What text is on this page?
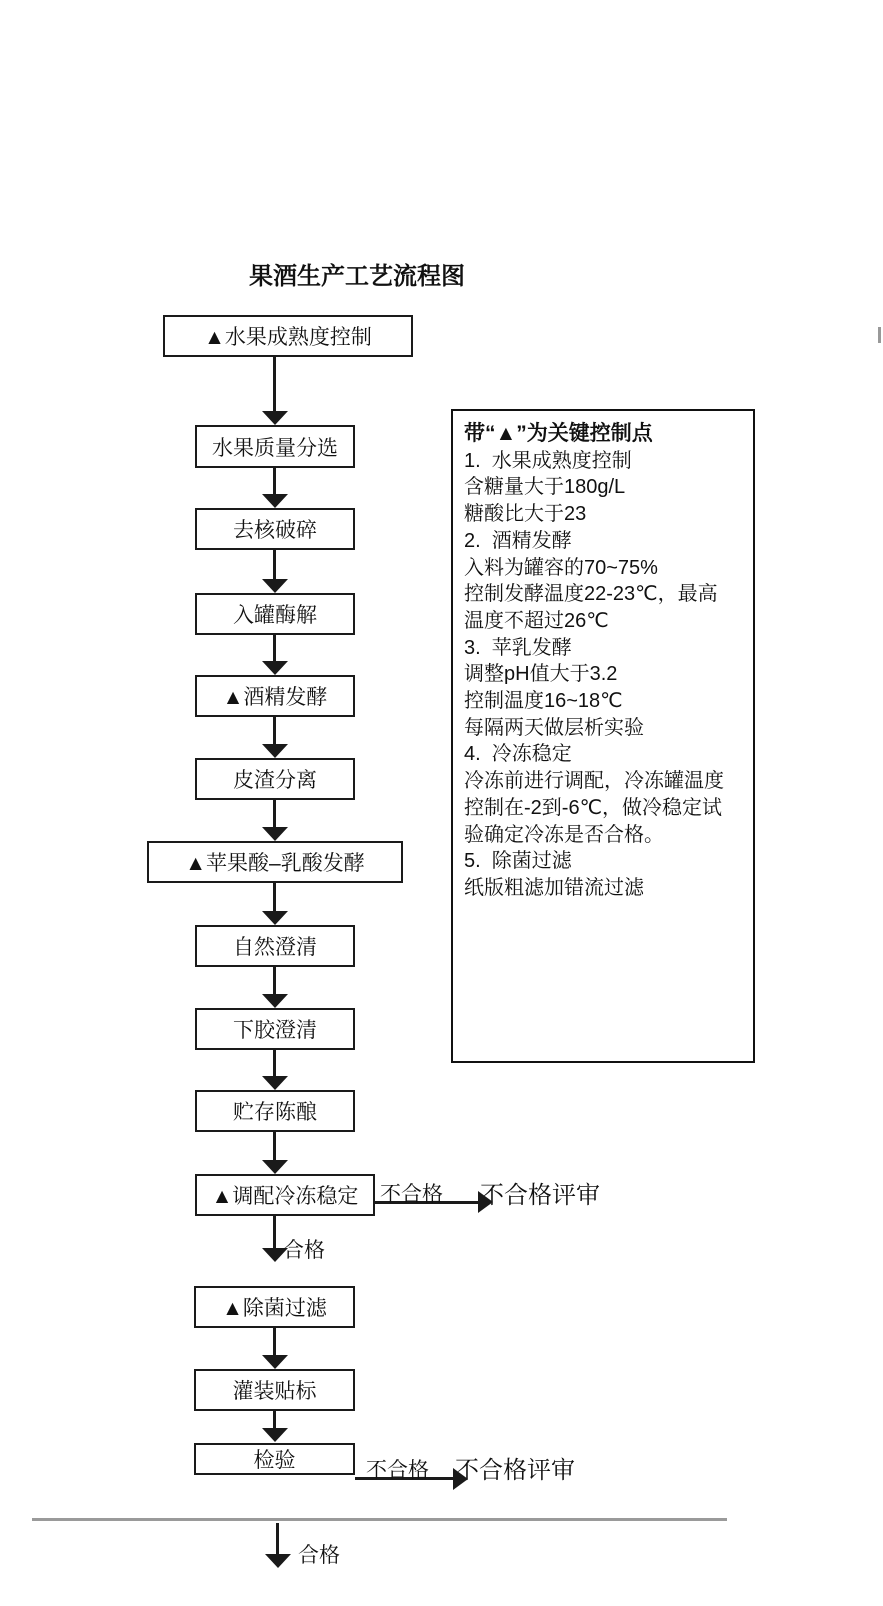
果酒生产工艺流程图
▲水果成熟度控制
水果质量分选
去核破碎
入罐酶解
▲酒精发酵
皮渣分离
▲苹果酸–乳酸发酵
自然澄清
下胶澄清
贮存陈酿
▲调配冷冻稳定
▲除菌过滤
灌装贴标
检验
合格
不合格 不合格评审
不合格 不合格评审
合格
带“▲”为关键控制点
1.  水果成熟度控制
含糖量大于180g/L
糖酸比大于23
2.  酒精发酵
入料为罐容的70~75%
控制发酵温度22-23℃，最高
温度不超过26℃
3.  苹乳发酵
调整pH值大于3.2
控制温度16~18℃
每隔两天做层析实验
4.  冷冻稳定
冷冻前进行调配，冷冻罐温度
控制在-2到-6℃，做冷稳定试
验确定冷冻是否合格。
5.  除菌过滤
纸版粗滤加错流过滤
